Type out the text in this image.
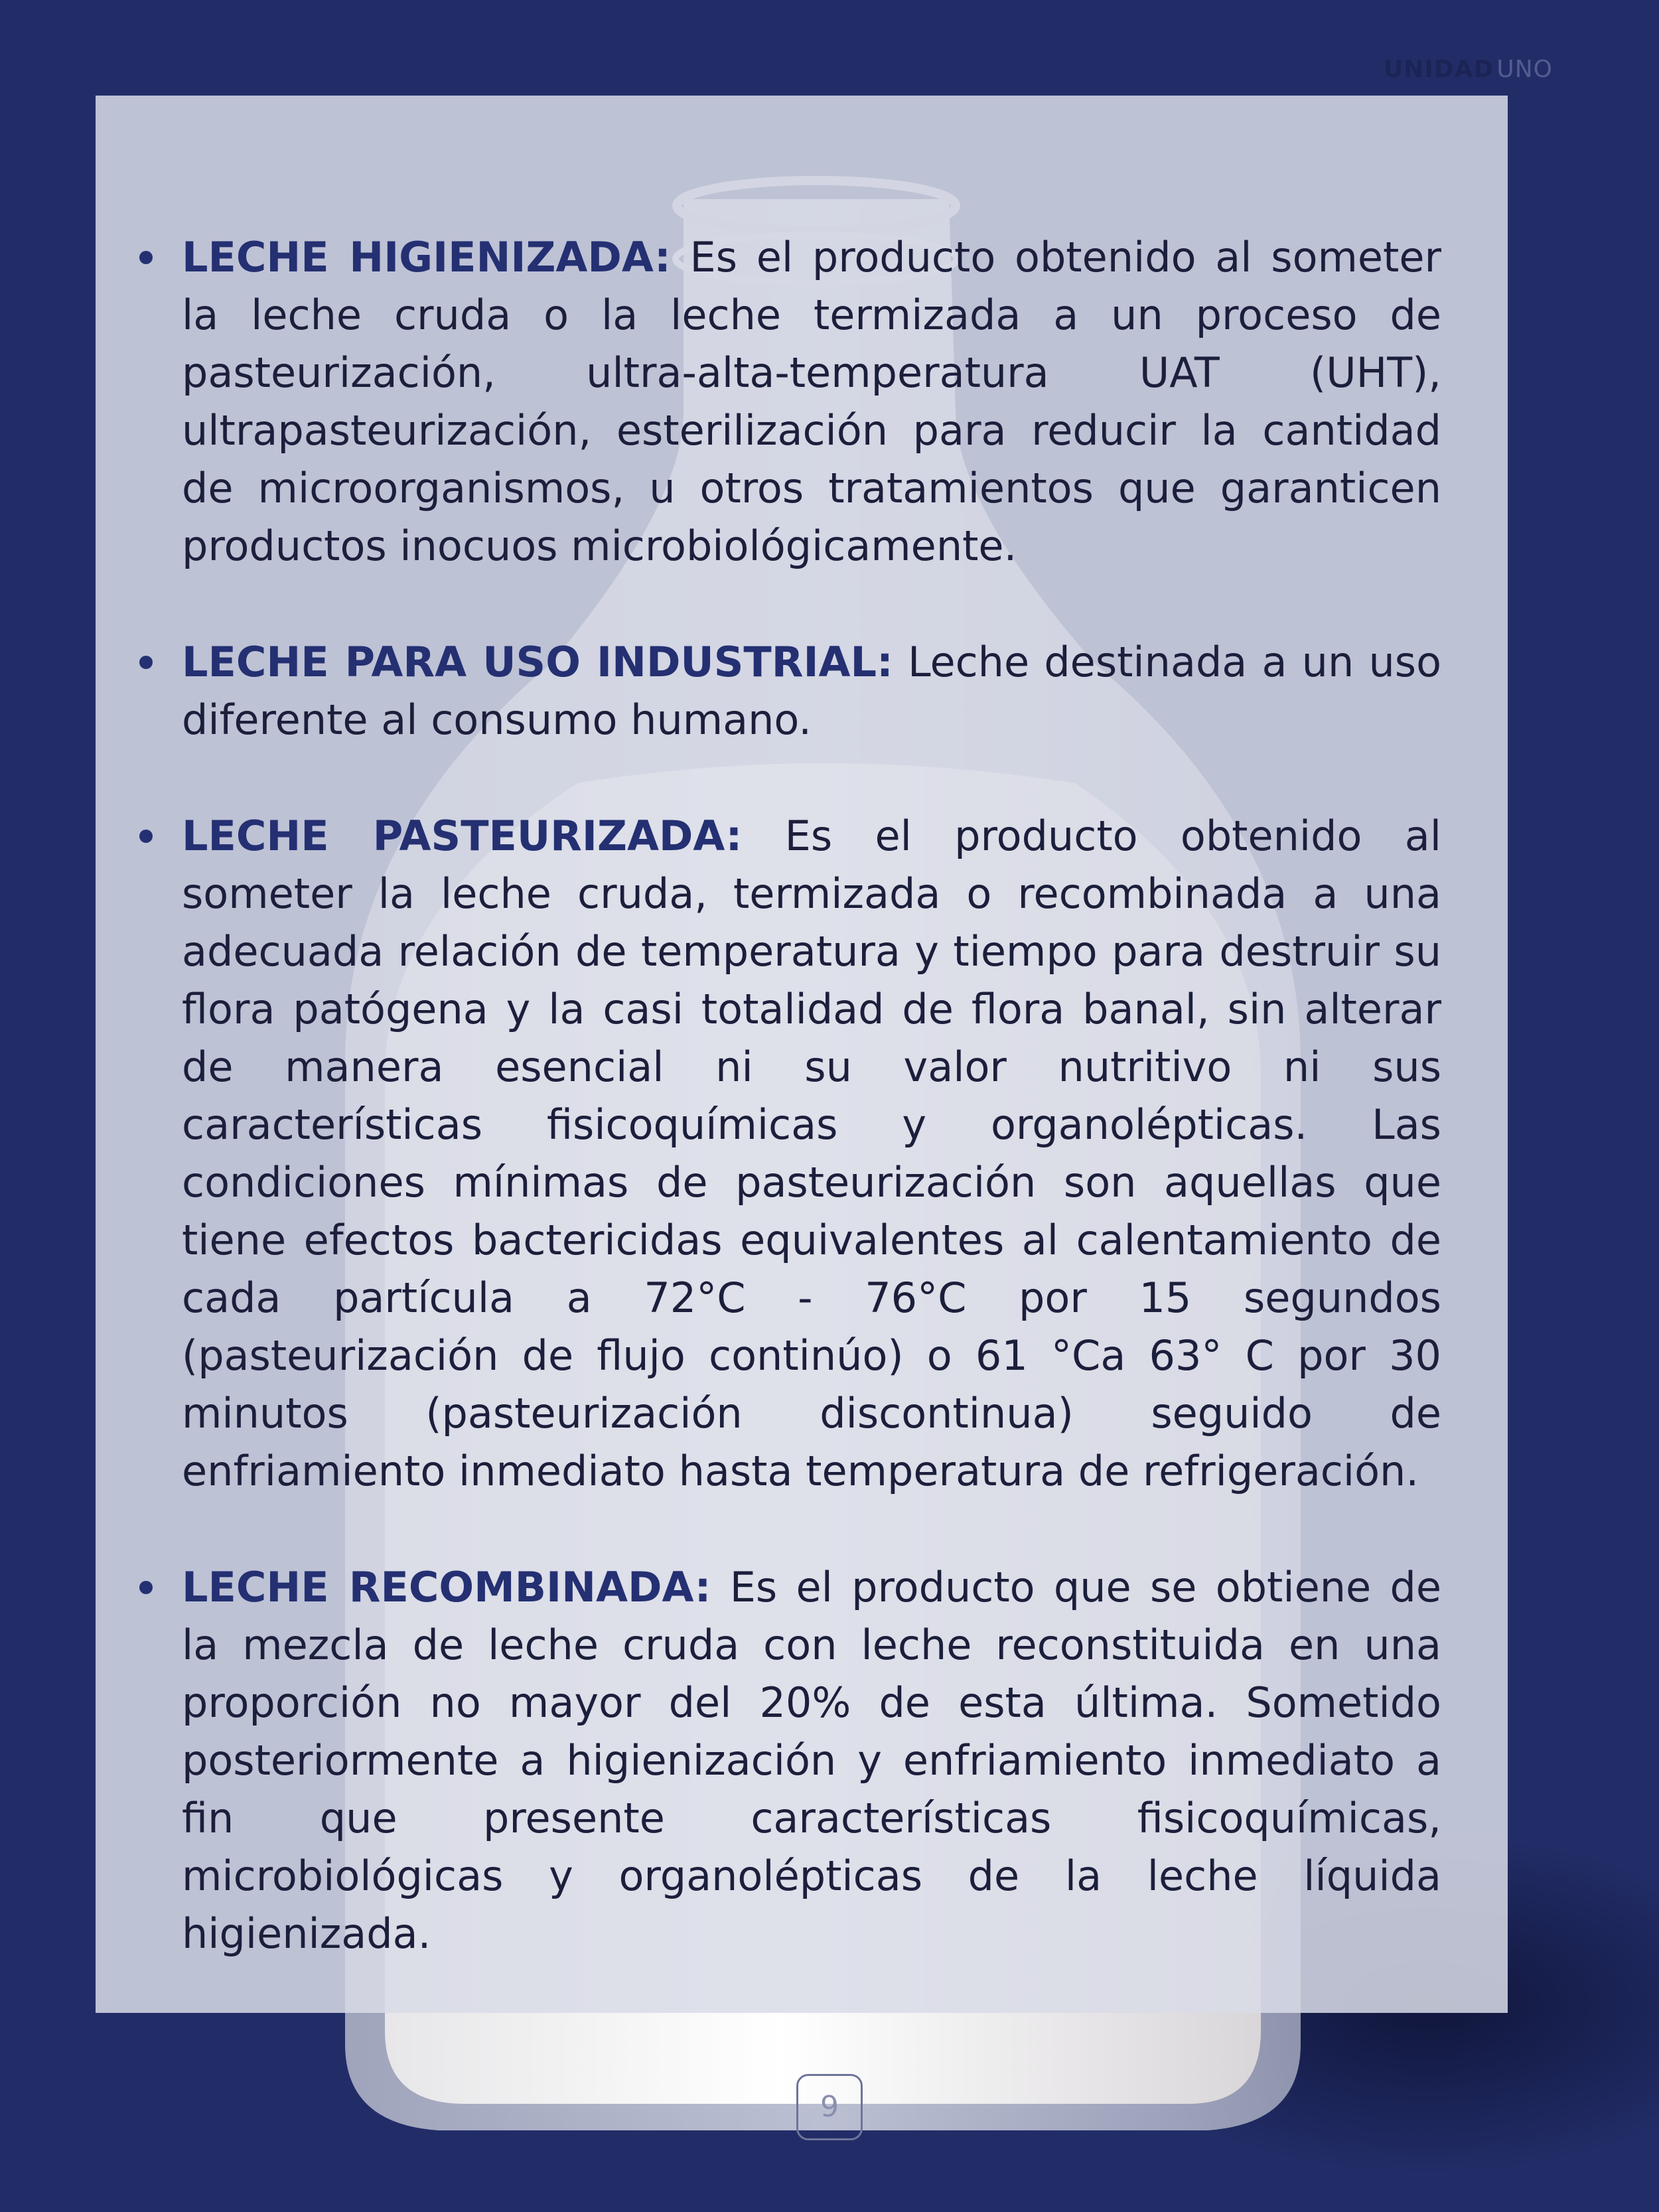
UNIDAD UNO
LECHE HIGIENIZADA: Es el producto obtenido al someter la leche cruda o la leche termizada a un proceso de pasteurización, ultra-alta-temperatura UAT (UHT), ultrapasteurización, esterilización para reducir la cantidad de microorganismos, u otros tratamientos que garanticen productos inocuos microbiológicamente.
LECHE PARA USO INDUSTRIAL: Leche destinada a un uso diferente al consumo humano.
LECHE PASTEURIZADA: Es el producto obtenido al someter la leche cruda, termizada o recombinada a una adecuada relación de temperatura y tiempo para destruir su flora patógena y la casi totalidad de flora banal, sin alterar de manera esencial ni su valor nutritivo ni sus características fisicoquímicas y organolépticas. Las condiciones mínimas de pasteurización son aquellas que tiene efectos bactericidas equivalentes al calentamiento de cada partícula a 72°C - 76°C por 15 segundos (pasteurización de flujo continúo) o 61 °Ca 63° C por 30 minutos (pasteurización discontinua) seguido de enfriamiento inmediato hasta temperatura de refrigeración.
LECHE RECOMBINADA: Es el producto que se obtiene de la mezcla de leche cruda con leche reconstituida en una proporción no mayor del 20% de esta última. Sometido posteriormente a higienización y enfriamiento inmediato a fin que presente características fisicoquímicas, microbiológicas y organolépticas de la leche líquida higienizada.
9
